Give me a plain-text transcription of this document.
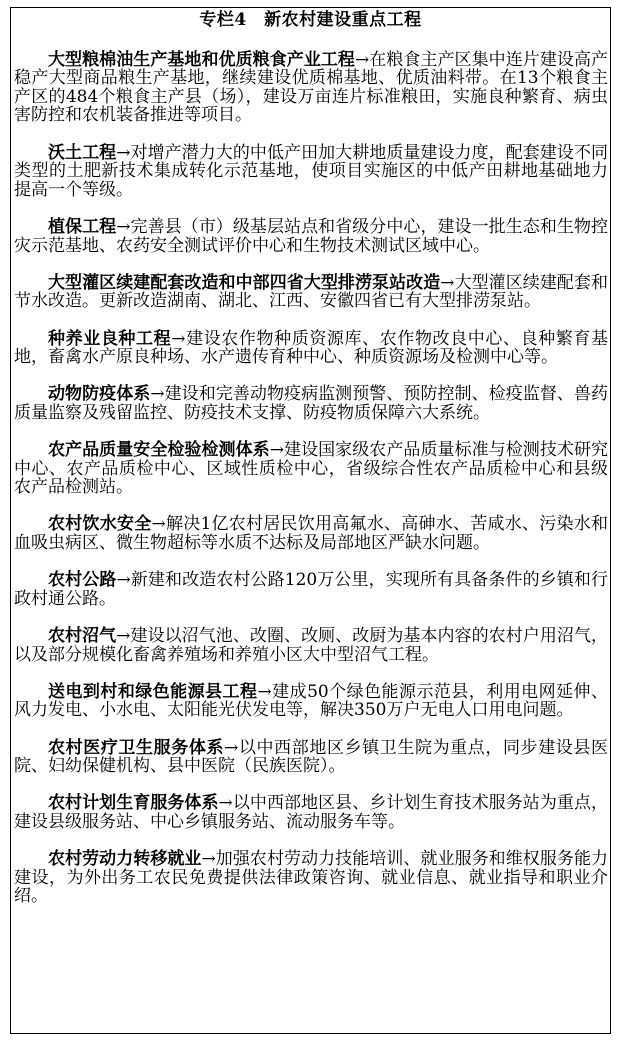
专栏4　新农村建设重点工程

大型粮棉油生产基地和优质粮食产业工程→在粮食主产区集中连片建设高产稳产大型商品粮生产基地，继续建设优质棉基地、优质油料带。在13个粮食主产区的484个粮食主产县（场），建设万亩连片标准粮田，实施良种繁育、病虫害防控和农机装备推进等项目。

沃土工程→对增产潜力大的中低产田加大耕地质量建设力度，配套建设不同类型的土肥新技术集成转化示范基地，使项目实施区的中低产田耕地基础地力提高一个等级。

植保工程→完善县（市）级基层站点和省级分中心，建设一批生态和生物控灾示范基地、农药安全测试评价中心和生物技术测试区域中心。

大型灌区续建配套改造和中部四省大型排涝泵站改造→大型灌区续建配套和节水改造。更新改造湖南、湖北、江西、安徽四省已有大型排涝泵站。

种养业良种工程→建设农作物种质资源库、农作物改良中心、良种繁育基地，畜禽水产原良种场、水产遗传育种中心、种质资源场及检测中心等。

动物防疫体系→建设和完善动物疫病监测预警、预防控制、检疫监督、兽药质量监察及残留监控、防疫技术支撑、防疫物质保障六大系统。

农产品质量安全检验检测体系→建设国家级农产品质量标准与检测技术研究中心、农产品质检中心、区域性质检中心，省级综合性农产品质检中心和县级农产品检测站。

农村饮水安全→解决1亿农村居民饮用高氟水、高砷水、苦咸水、污染水和血吸虫病区、微生物超标等水质不达标及局部地区严缺水问题。

农村公路→新建和改造农村公路120万公里，实现所有具备条件的乡镇和行政村通公路。

农村沼气→建设以沼气池、改圈、改厕、改厨为基本内容的农村户用沼气，以及部分规模化畜禽养殖场和养殖小区大中型沼气工程。

送电到村和绿色能源县工程→建成50个绿色能源示范县，利用电网延伸、风力发电、小水电、太阳能光伏发电等，解决350万户无电人口用电问题。

农村医疗卫生服务体系→以中西部地区乡镇卫生院为重点，同步建设县医院、妇幼保健机构、县中医院（民族医院）。

农村计划生育服务体系→以中西部地区县、乡计划生育技术服务站为重点，建设县级服务站、中心乡镇服务站、流动服务车等。

农村劳动力转移就业→加强农村劳动力技能培训、就业服务和维权服务能力建设，为外出务工农民免费提供法律政策咨询、就业信息、就业指导和职业介绍。
